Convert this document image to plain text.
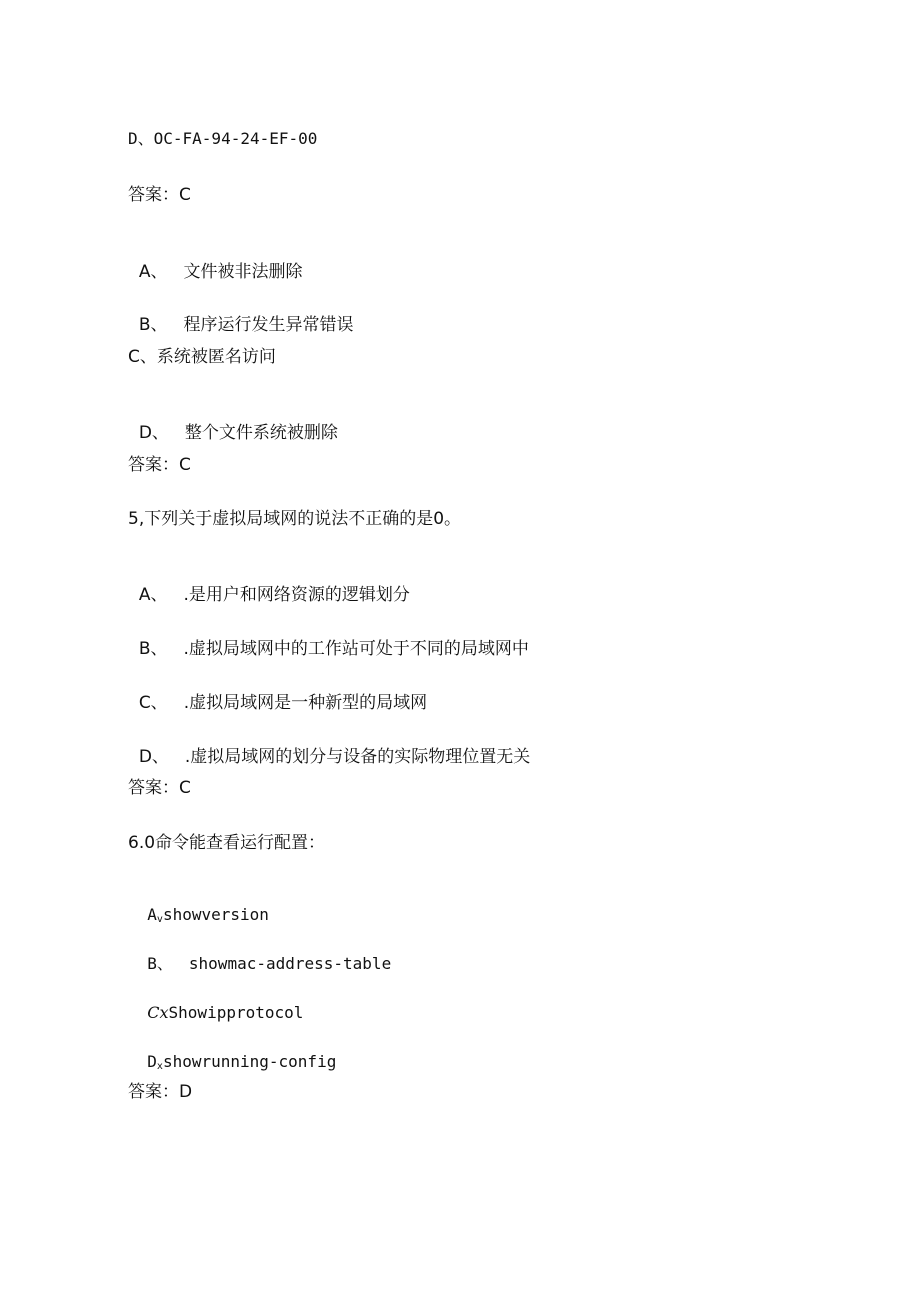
D、OC-FA-94-24-EF-00
答案：C

A、 文件被非法删除

B、 程序运行发生异常错误

C、系统被匿名访问

D、 整个文件系统被删除

答案：C
5,下列关于虚拟局域网的说法不正确的是0。

A、 .是用户和网络资源的逻辑划分

B、 .虚拟局域网中的工作站可处于不同的局域网中

C、 .虚拟局域网是一种新型的局域网

D、 .虚拟局域网的划分与设备的实际物理位置无关

答案：C
6.0命令能查看运行配置：

$A_vshowversion$

B、 showmac-address-table

CxShowipprotocol

$D_xshowrunning$-config

答案：D
